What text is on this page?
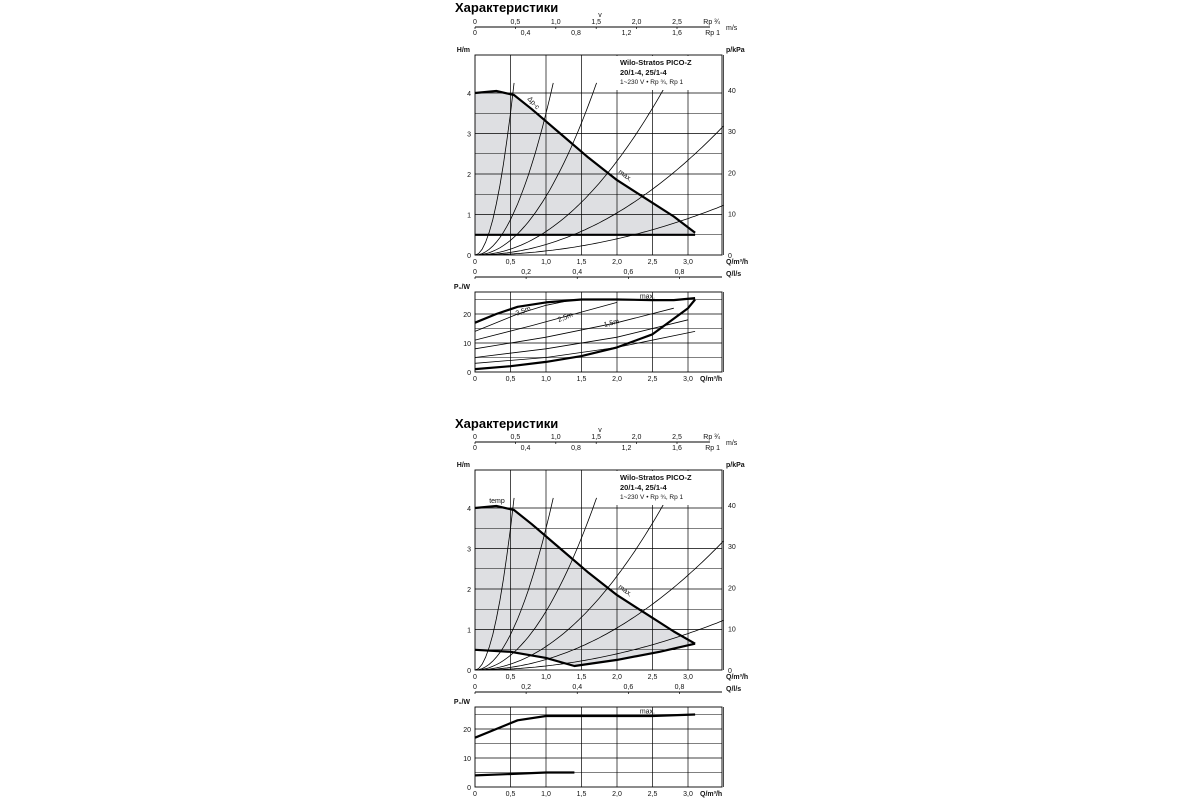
Характеристики
Характеристики
v
0	0,5	1,0	1,5	2,0	2,5
0	0,4	0,8	1,2	1,6
Rp ¾
Rp 1
m/s
H/m	p/kPa
0
1
2
3
4
0
10
20
30
40
0	0,5	1,0	1,5	2,0	2,5	3,0	Q/m³/h
0	0,2	0,4	0,6	0,8	Q/l/s
Wilo-Stratos PICO-Z
20/1-4, 25/1-4
1~230 V • Rp ¾, Rp 1
Δp-c
max.
P₁/W
0
10
20
0	0,5	1,0	1,5	2,0	2,5	3,0 Q/m³/h
max.
3,5m
2,5m	1,5m
v
0	0,5	1,0	1,5	2,0	2,5
0	0,4	0,8	1,2	1,6
Rp ¾
Rp 1
m/s
H/m	p/kPa
0
1
2
3
4
0
10
20
30
40
0	0,5	1,0	1,5	2,0	2,5	3,0	Q/m³/h
0	0,2	0,4	0,6	0,8	Q/l/s
Wilo-Stratos PICO-Z
20/1-4, 25/1-4
1~230 V • Rp ¾, Rp 1
temp
max.
P₁/W
0
10
20
0	0,5	1,0	1,5	2,0	2,5	3,0 Q/m³/h
max.
